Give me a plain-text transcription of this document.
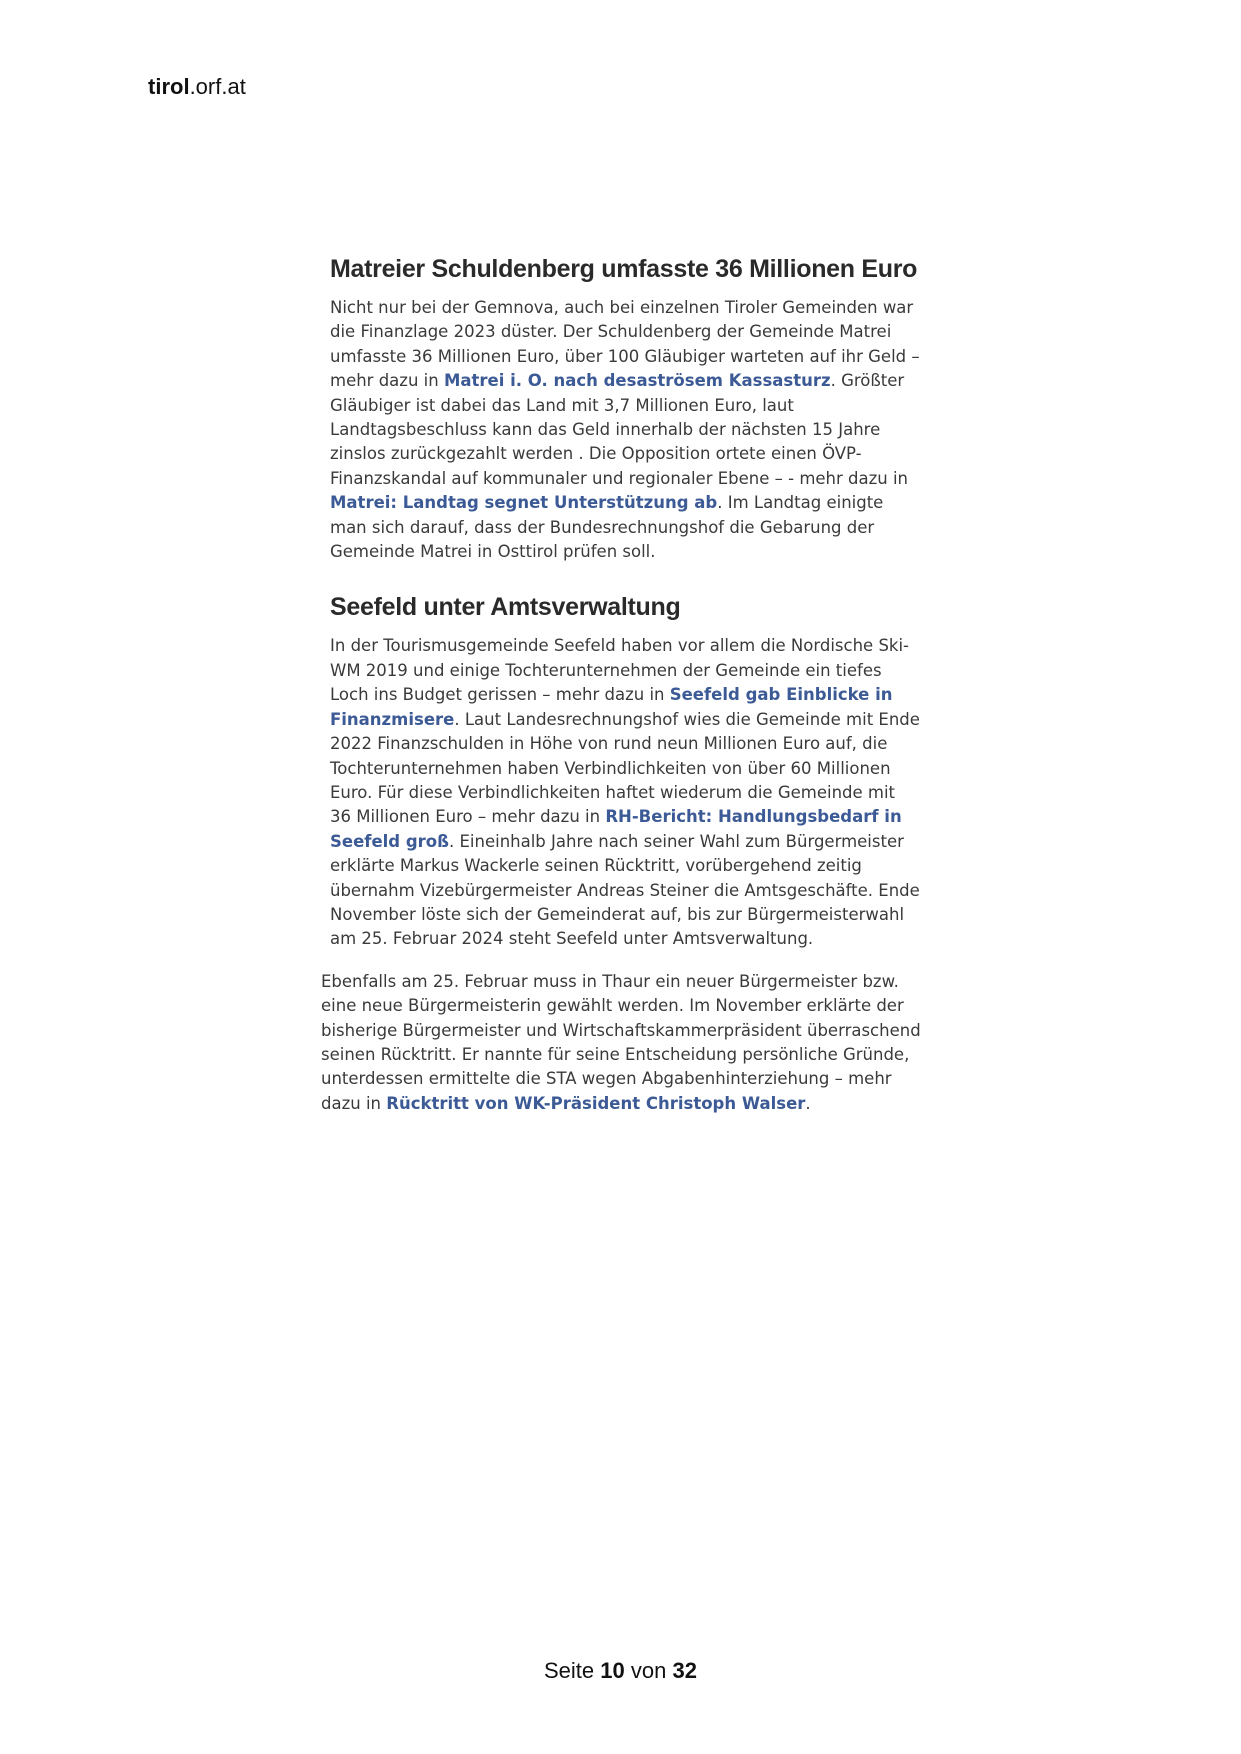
tirol.orf.at
Matreier Schuldenberg umfasste 36 Millionen Euro

Nicht nur bei der Gemnova, auch bei einzelnen Tiroler Gemeinden war die Finanzlage 2023 düster. Der Schuldenberg der Gemeinde Matrei umfasste 36 Millionen Euro, über 100 Gläubiger warteten auf ihr Geld – mehr dazu in Matrei i. O. nach desaströsem Kassasturz. Größter Gläubiger ist dabei das Land mit 3,7 Millionen Euro, laut Landtagsbeschluss kann das Geld innerhalb der nächsten 15 Jahre zinslos zurückgezahlt werden . Die Opposition ortete einen ÖVP-Finanzskandal auf kommunaler und regionaler Ebene – - mehr dazu in Matrei: Landtag segnet Unterstützung ab. Im Landtag einigte man sich darauf, dass der Bundesrechnungshof die Gebarung der Gemeinde Matrei in Osttirol prüfen soll.

Seefeld unter Amtsverwaltung

In der Tourismusgemeinde Seefeld haben vor allem die Nordische Ski-WM 2019 und einige Tochterunternehmen der Gemeinde ein tiefes Loch ins Budget gerissen – mehr dazu in Seefeld gab Einblicke in Finanzmisere. Laut Landesrechnungshof wies die Gemeinde mit Ende 2022 Finanzschulden in Höhe von rund neun Millionen Euro auf, die Tochterunternehmen haben Verbindlichkeiten von über 60 Millionen Euro. Für diese Verbindlichkeiten haftet wiederum die Gemeinde mit 36 Millionen Euro – mehr dazu in RH-Bericht: Handlungsbedarf in Seefeld groß. Eineinhalb Jahre nach seiner Wahl zum Bürgermeister erklärte Markus Wackerle seinen Rücktritt, vorübergehend zeitig übernahm Vizebürgermeister Andreas Steiner die Amtsgeschäfte. Ende November löste sich der Gemeinderat auf, bis zur Bürgermeisterwahl am 25. Februar 2024 steht Seefeld unter Amtsverwaltung.

Ebenfalls am 25. Februar muss in Thaur ein neuer Bürgermeister bzw. eine neue Bürgermeisterin gewählt werden. Im November erklärte der bisherige Bürgermeister und Wirtschaftskammerpräsident überraschend seinen Rücktritt. Er nannte für seine Entscheidung persönliche Gründe, unterdessen ermittelte die STA wegen Abgabenhinterziehung – mehr dazu in Rücktritt von WK-Präsident Christoph Walser.

Seite 10 von 32
